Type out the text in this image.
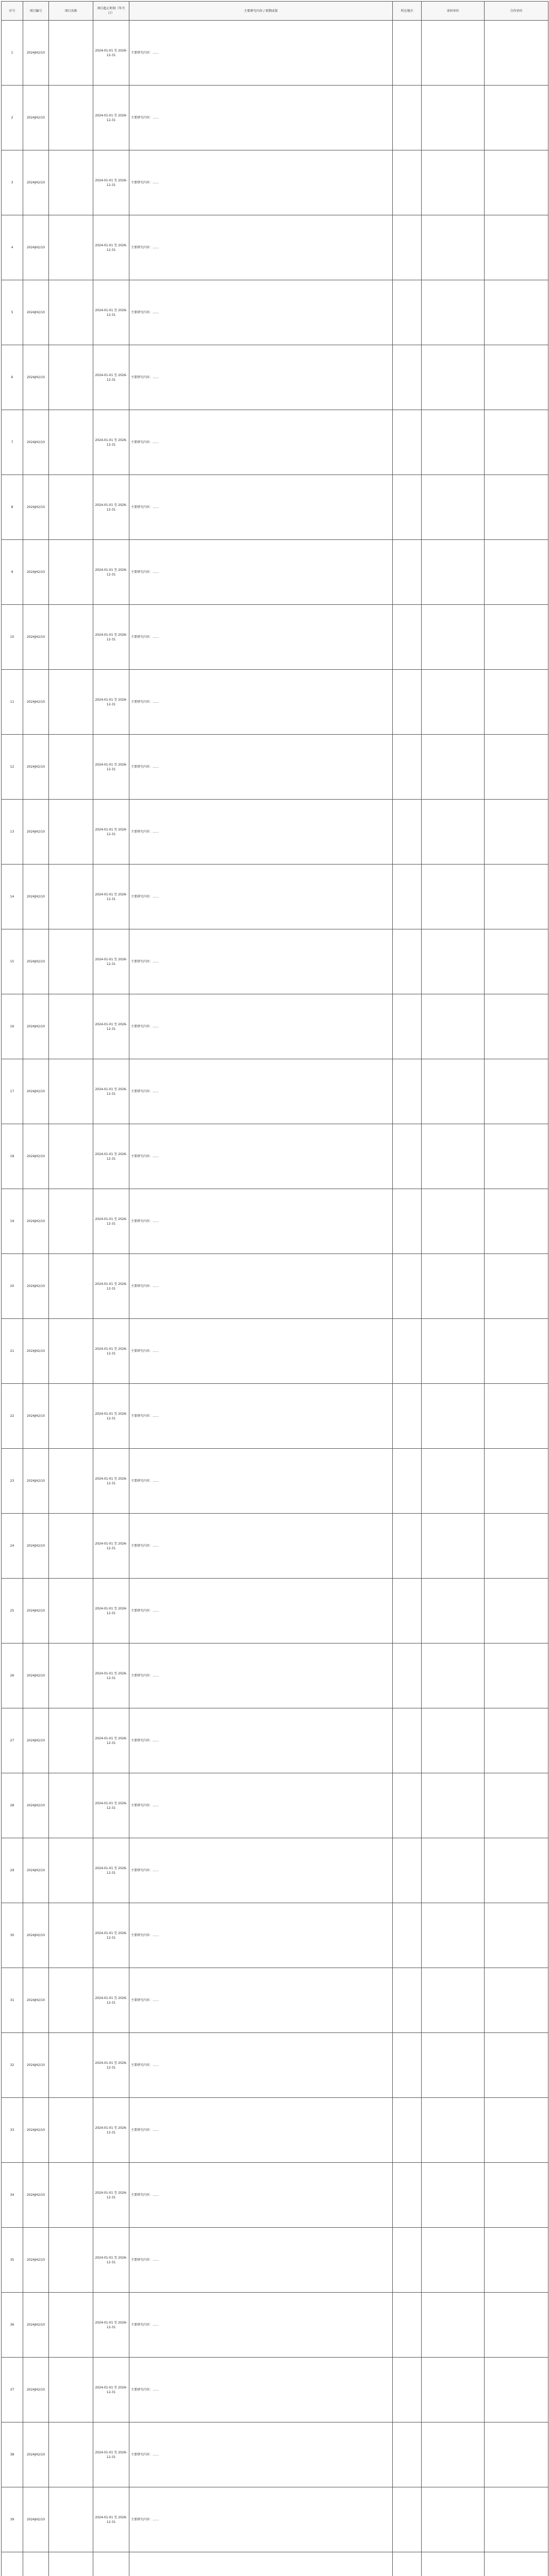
序号	项目编号	项目名称	项目起止时间（年月日）	主要研究内容 / 预期成果	所在地市	承担单位	合作单位
1	2024JH2/10		2024-01-01 至 2026-12-31	主要研究内容：……			
2	2024JH2/10		2024-01-01 至 2026-12-31	主要研究内容：……			
3	2024JH2/10		2024-01-01 至 2026-12-31	主要研究内容：……			
4	2024JH2/10		2024-01-01 至 2026-12-31	主要研究内容：……			
5	2024JH2/10		2024-01-01 至 2026-12-31	主要研究内容：……			
6	2024JH2/10		2024-01-01 至 2026-12-31	主要研究内容：……			
7	2024JH2/10		2024-01-01 至 2026-12-31	主要研究内容：……			
8	2024JH2/10		2024-01-01 至 2026-12-31	主要研究内容：……			
9	2024JH2/10		2024-01-01 至 2026-12-31	主要研究内容：……			
10	2024JH2/10		2024-01-01 至 2026-12-31	主要研究内容：……			
11	2024JH2/10		2024-01-01 至 2026-12-31	主要研究内容：……			
12	2024JH2/10		2024-01-01 至 2026-12-31	主要研究内容：……			
13	2024JH2/10		2024-01-01 至 2026-12-31	主要研究内容：……			
14	2024JH2/10		2024-01-01 至 2026-12-31	主要研究内容：……			
15	2024JH2/10		2024-01-01 至 2026-12-31	主要研究内容：……			
16	2024JH2/10		2024-01-01 至 2026-12-31	主要研究内容：……			
17	2024JH2/10		2024-01-01 至 2026-12-31	主要研究内容：……			
18	2024JH2/10		2024-01-01 至 2026-12-31	主要研究内容：……			
19	2024JH2/10		2024-01-01 至 2026-12-31	主要研究内容：……			
20	2024JH2/10		2024-01-01 至 2026-12-31	主要研究内容：……			
21	2024JH2/10		2024-01-01 至 2026-12-31	主要研究内容：……			
22	2024JH2/10		2024-01-01 至 2026-12-31	主要研究内容：……			
23	2024JH2/10		2024-01-01 至 2026-12-31	主要研究内容：……			
24	2024JH2/10		2024-01-01 至 2026-12-31	主要研究内容：……			
25	2024JH2/10		2024-01-01 至 2026-12-31	主要研究内容：……			
26	2024JH2/10		2024-01-01 至 2026-12-31	主要研究内容：……			
27	2024JH2/10		2024-01-01 至 2026-12-31	主要研究内容：……			
28	2024JH2/10		2024-01-01 至 2026-12-31	主要研究内容：……			
29	2024JH2/10		2024-01-01 至 2026-12-31	主要研究内容：……			
30	2024JH2/10		2024-01-01 至 2026-12-31	主要研究内容：……			
31	2024JH2/10		2024-01-01 至 2026-12-31	主要研究内容：……			
32	2024JH2/10		2024-01-01 至 2026-12-31	主要研究内容：……			
33	2024JH2/10		2024-01-01 至 2026-12-31	主要研究内容：……			
34	2024JH2/10		2024-01-01 至 2026-12-31	主要研究内容：……			
35	2024JH2/10		2024-01-01 至 2026-12-31	主要研究内容：……			
36	2024JH2/10		2024-01-01 至 2026-12-31	主要研究内容：……			
37	2024JH2/10		2024-01-01 至 2026-12-31	主要研究内容：……			
38	2024JH2/10		2024-01-01 至 2026-12-31	主要研究内容：……			
39	2024JH2/10		2024-01-01 至 2026-12-31	主要研究内容：……			
